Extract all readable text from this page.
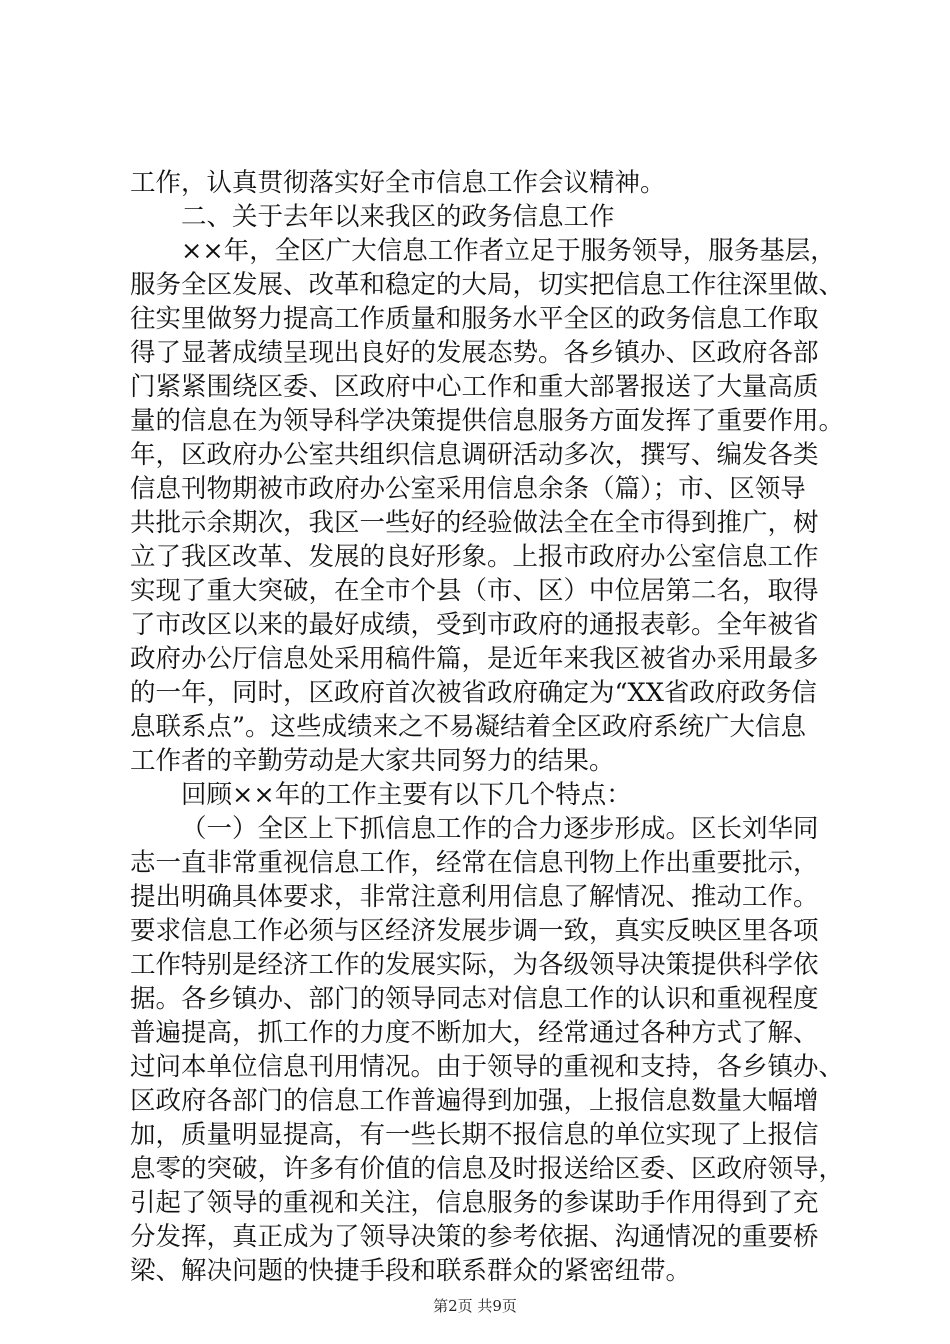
工作，认真贯彻落实好全市信息工作会议精神。
二、关于去年以来我区的政务信息工作
××年，全区广大信息工作者立足于服务领导，服务基层，
服务全区发展、改革和稳定的大局，切实把信息工作往深里做、
往实里做努力提高工作质量和服务水平全区的政务信息工作取
得了显著成绩呈现出良好的发展态势。各乡镇办、区政府各部
门紧紧围绕区委、区政府中心工作和重大部署报送了大量高质
量的信息在为领导科学决策提供信息服务方面发挥了重要作用。
年，区政府办公室共组织信息调研活动多次，撰写、编发各类
信息刊物期被市政府办公室采用信息余条（篇）；市、区领导
共批示余期次，我区一些好的经验做法全在全市得到推广，树
立了我区改革、发展的良好形象。上报市政府办公室信息工作
实现了重大突破，在全市个县（市、区）中位居第二名，取得
了市改区以来的最好成绩，受到市政府的通报表彰。全年被省
政府办公厅信息处采用稿件篇，是近年来我区被省办采用最多
的一年，同时，区政府首次被省政府确定为“XX省政府政务信
息联系点”。这些成绩来之不易凝结着全区政府系统广大信息
工作者的辛勤劳动是大家共同努力的结果。
回顾××年的工作主要有以下几个特点：
（一）全区上下抓信息工作的合力逐步形成。区长刘华同
志一直非常重视信息工作，经常在信息刊物上作出重要批示，
提出明确具体要求，非常注意利用信息了解情况、推动工作。
要求信息工作必须与区经济发展步调一致，真实反映区里各项
工作特别是经济工作的发展实际，为各级领导决策提供科学依
据。各乡镇办、部门的领导同志对信息工作的认识和重视程度
普遍提高，抓工作的力度不断加大，经常通过各种方式了解、
过问本单位信息刊用情况。由于领导的重视和支持，各乡镇办、
区政府各部门的信息工作普遍得到加强，上报信息数量大幅增
加，质量明显提高，有一些长期不报信息的单位实现了上报信
息零的突破，许多有价值的信息及时报送给区委、区政府领导，
引起了领导的重视和关注，信息服务的参谋助手作用得到了充
分发挥，真正成为了领导决策的参考依据、沟通情况的重要桥
梁、解决问题的快捷手段和联系群众的紧密纽带。
第2页 共9页
